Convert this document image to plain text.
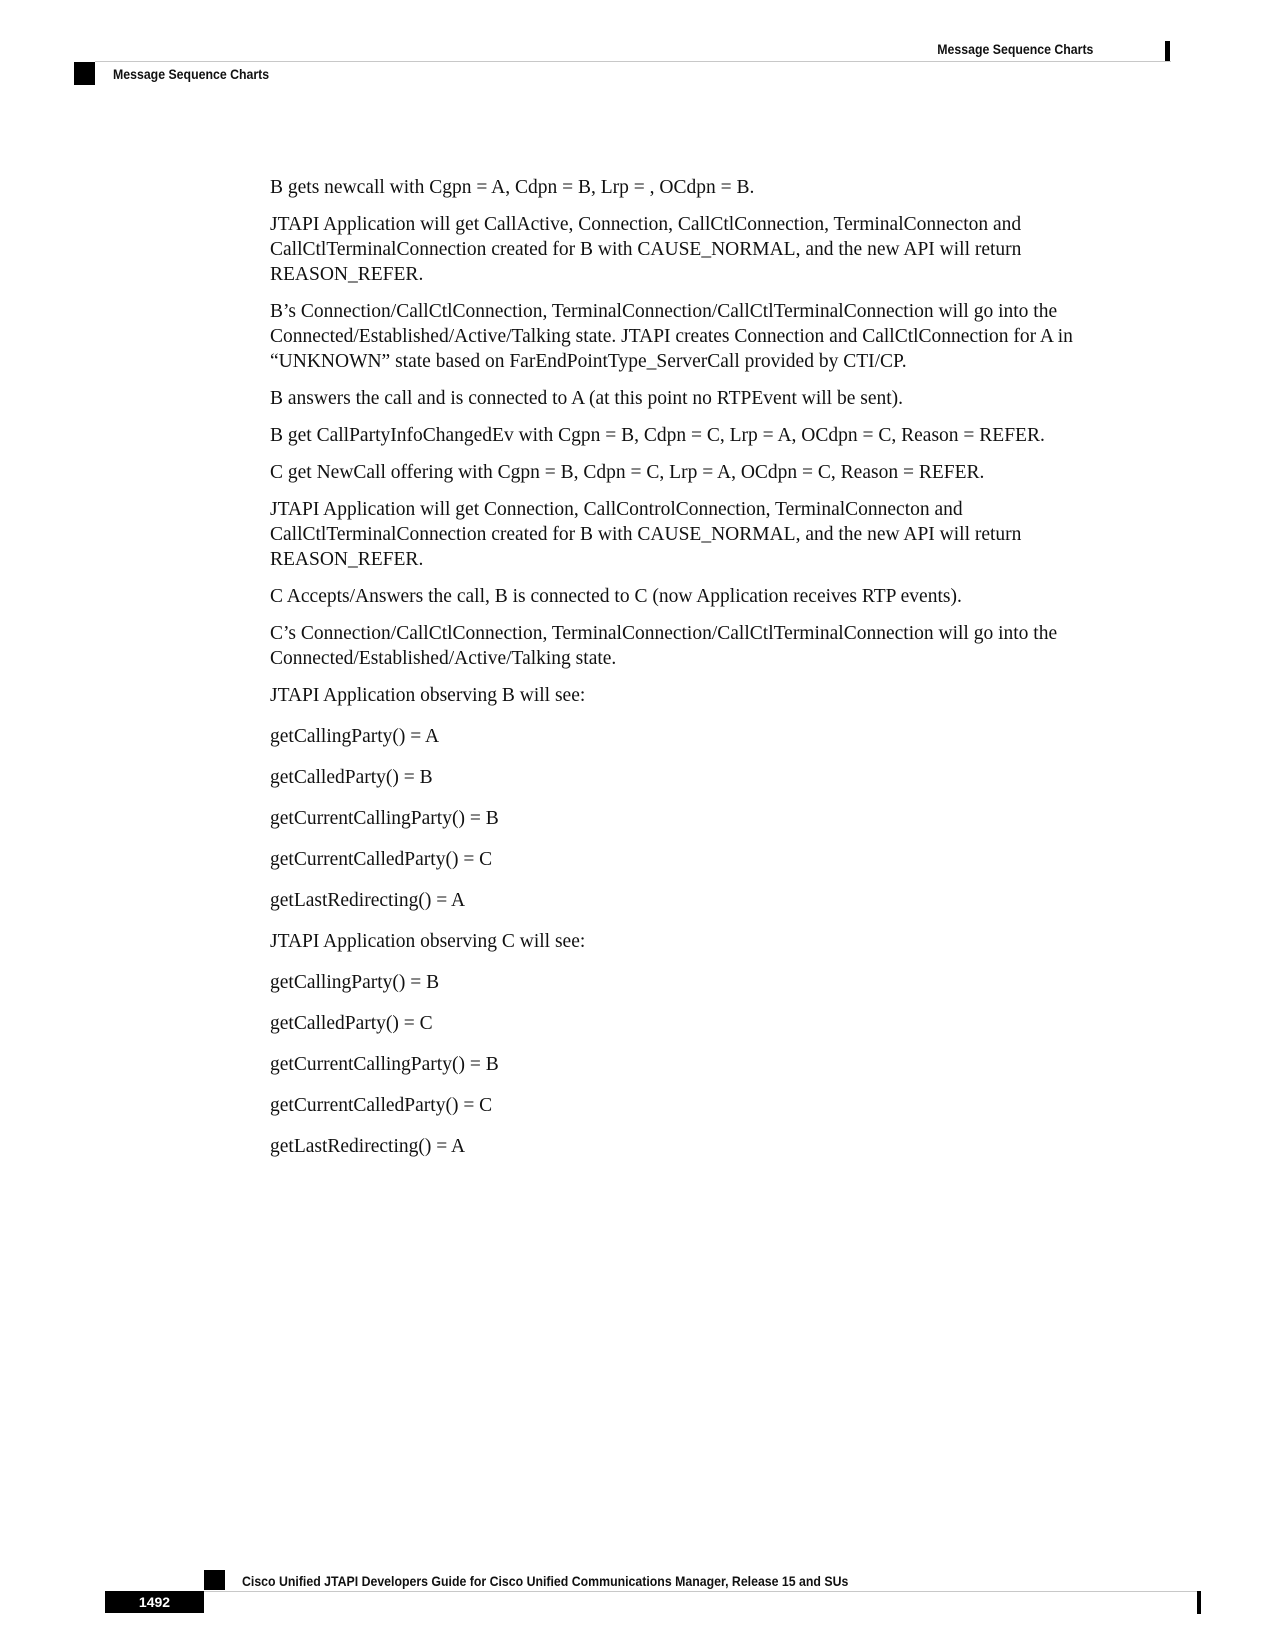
Message Sequence Charts
Message Sequence Charts

B gets newcall with Cgpn = A, Cdpn = B, Lrp = , OCdpn = B.

JTAPI Application will get CallActive, Connection, CallCtlConnection, TerminalConnecton and CallCtlTerminalConnection created for B with CAUSE_NORMAL, and the new API will return REASON_REFER.

B’s Connection/CallCtlConnection, TerminalConnection/CallCtlTerminalConnection will go into the Connected/Established/Active/Talking state. JTAPI creates Connection and CallCtlConnection for A in “UNKNOWN” state based on FarEndPointType_ServerCall provided by CTI/CP.

B answers the call and is connected to A (at this point no RTPEvent will be sent).

B get CallPartyInfoChangedEv with Cgpn = B, Cdpn = C, Lrp = A, OCdpn = C, Reason = REFER.

C get NewCall offering with Cgpn = B, Cdpn = C, Lrp = A, OCdpn = C, Reason = REFER.

JTAPI Application will get Connection, CallControlConnection, TerminalConnecton and CallCtlTerminalConnection created for B with CAUSE_NORMAL, and the new API will return REASON_REFER.

C Accepts/Answers the call, B is connected to C (now Application receives RTP events).

C’s Connection/CallCtlConnection, TerminalConnection/CallCtlTerminalConnection will go into the Connected/Established/Active/Talking state.

JTAPI Application observing B will see:

getCallingParty() = A

getCalledParty() = B

getCurrentCallingParty() = B

getCurrentCalledParty() = C

getLastRedirecting() = A

JTAPI Application observing C will see:

getCallingParty() = B

getCalledParty() = C

getCurrentCallingParty() = B

getCurrentCalledParty() = C

getLastRedirecting() = A

Cisco Unified JTAPI Developers Guide for Cisco Unified Communications Manager, Release 15 and SUs
1492
